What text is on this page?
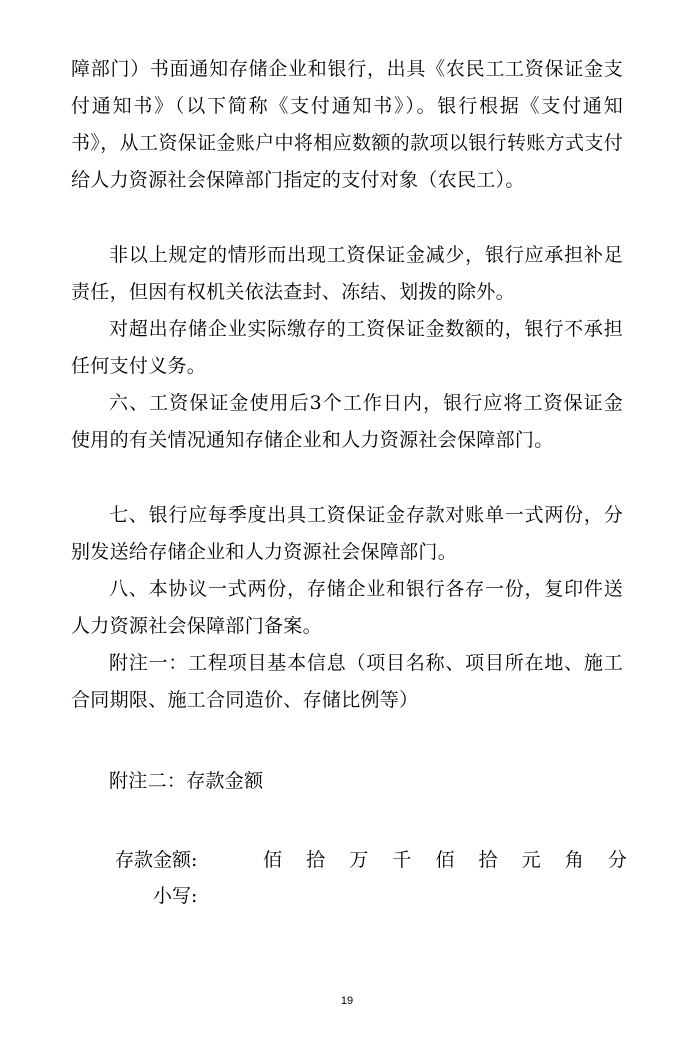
障部门）书面通知存储企业和银行，出具《农民工工资保证金支付通知书》（以下简称《支付通知书》）。银行根据《支付通知书》，从工资保证金账户中将相应数额的款项以银行转账方式支付给人力资源社会保障部门指定的支付对象（农民工）。

非以上规定的情形而出现工资保证金减少，银行应承担补足责任，但因有权机关依法查封、冻结、划拨的除外。

对超出存储企业实际缴存的工资保证金数额的，银行不承担任何支付义务。

六、工资保证金使用后3个工作日内，银行应将工资保证金使用的有关情况通知存储企业和人力资源社会保障部门。

七、银行应每季度出具工资保证金存款对账单一式两份，分别发送给存储企业和人力资源社会保障部门。

八、本协议一式两份，存储企业和银行各存一份，复印件送人力资源社会保障部门备案。

附注一：工程项目基本信息（项目名称、项目所在地、施工合同期限、施工合同造价、存储比例等）

附注二：存款金额

存款金额:	佰 拾 万 千 佰 拾 元 角 分
小写:
19
